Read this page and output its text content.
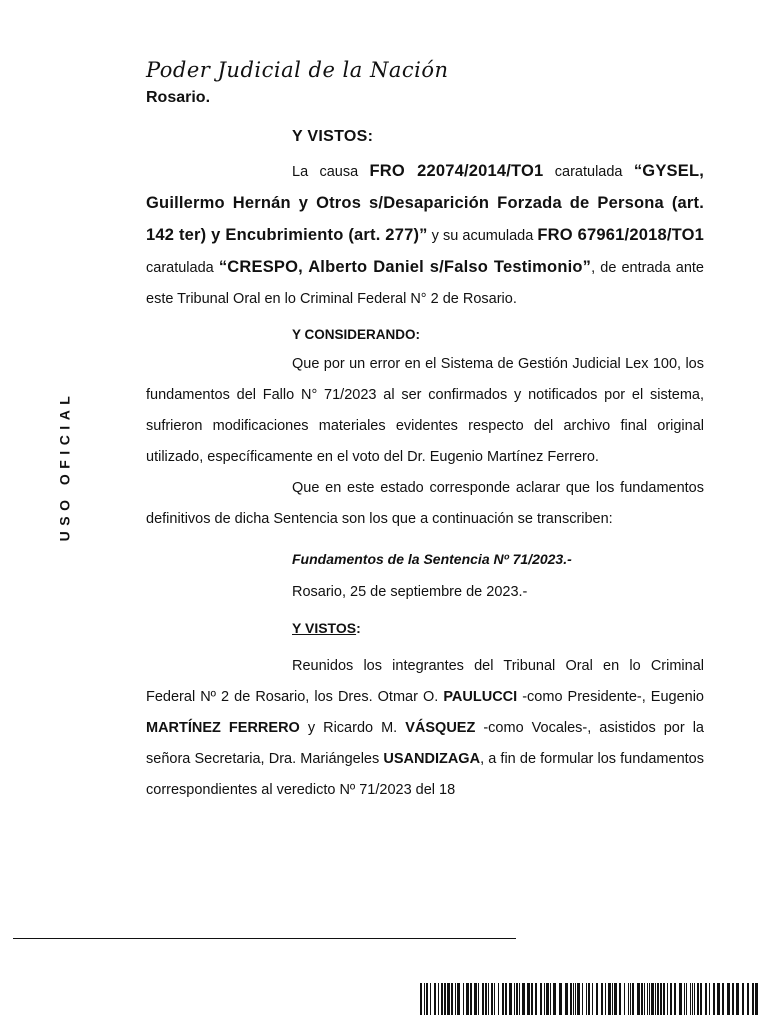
Poder Judicial de la Nación
Rosario.
USO OFICIAL

Y VISTOS:

La causa FRO 22074/2014/TO1 caratulada “GYSEL, Guillermo Hernán y Otros s/Desaparición Forzada de Persona (art. 142 ter) y Encubrimiento (art. 277)” y su acumulada FRO 67961/2018/TO1 caratulada “CRESPO, Alberto Daniel s/Falso Testimonio”, de entrada ante este Tribunal Oral en lo Criminal Federal N° 2 de Rosario.

Y CONSIDERANDO:

Que por un error en el Sistema de Gestión Judicial Lex 100, los fundamentos del Fallo N° 71/2023 al ser confirmados y notificados por el sistema, sufrieron modificaciones materiales evidentes respecto del archivo final original utilizado, específicamente en el voto del Dr. Eugenio Martínez Ferrero.

Que en este estado corresponde aclarar que los fundamentos definitivos de dicha Sentencia son los que a continuación se transcriben:

Fundamentos de la Sentencia Nº 71/2023.-

Rosario, 25 de septiembre de 2023.-

Y VISTOS:

Reunidos los integrantes del Tribunal Oral en lo Criminal Federal Nº 2 de Rosario, los Dres. Otmar O. PAULUCCI -como Presidente-, Eugenio MARTÍNEZ FERRERO y Ricardo M. VÁSQUEZ -como Vocales-, asistidos por la señora Secretaria, Dra. Mariángeles USANDIZAGA, a fin de formular los fundamentos correspondientes al veredicto Nº 71/2023 del 18
